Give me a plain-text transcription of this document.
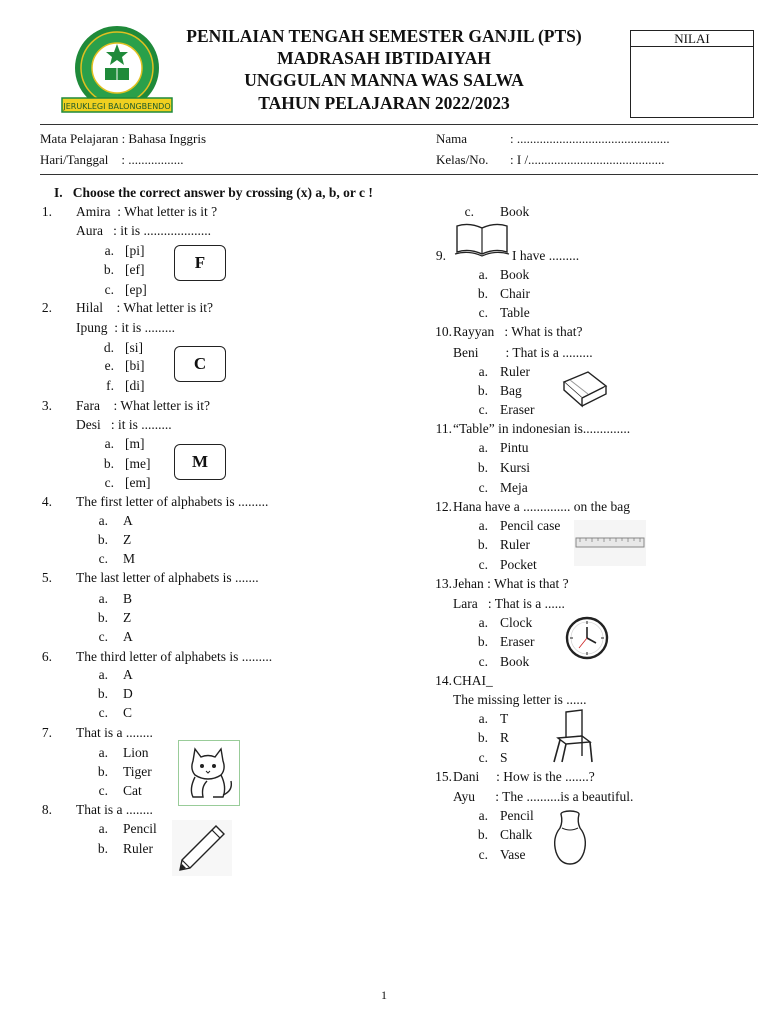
JERUKLEGI BALONGBENDO
PENILAIAN TENGAH SEMESTER GANJIL (PTS)
MADRASAH IBTIDAIYAH
UNGGULAN MANNA WAS SALWA
TAHUN PELAJARAN 2022/2023
NILAI
Mata Pelajaran : Bahasa Inggris
Hari/Tanggal    : .................
Nama	: ...............................................
Kelas/No. : I /..........................................
I.   Choose the correct answer by crossing (x) a, b, or c !
1. Amira  : What letter is it ?
Aura   : it is ....................
a. [pi]
b. [ef]
c. [ep]
F
2. Hilal    : What letter is it?
Ipung  : it is .........
d. [si]
e. [bi]
f. [di]
C
3. Fara    : What letter is it?
Desi   : it is .........
a. [m]
b. [me]
c. [em]
M
4. The first letter of alphabets is .........
a. A
b. Z
c. M
5. The last letter of alphabets is .......
a. B
b. Z
c. A
6. The third letter of alphabets is .........
a. A
b. D
c. C
7. That is a ........
a. Lion
b. Tiger
c. Cat
8. That is a ........
a. Pencil
b. Ruler
c. Book
9.	I have .........
a. Book
b. Chair
c. Table
10. Rayyan   : What is that?
Beni        : That is a .........
a. Ruler
b. Bag
c. Eraser
11. “Table” in indonesian is..............
a. Pintu
b. Kursi
c. Meja
12. Hana have a .............. on the bag
a. Pencil case
b. Ruler
c. Pocket
13. Jehan : What is that ?
Lara   : That is a ......
a. Clock
b. Eraser
c. Book
14. CHAI_
The missing letter is ......
a. T
b. R
c. S
15. Dani     : How is the .......?
Ayu      : The ..........is a beautiful.
a. Pencil
b. Chalk
c. Vase
1
